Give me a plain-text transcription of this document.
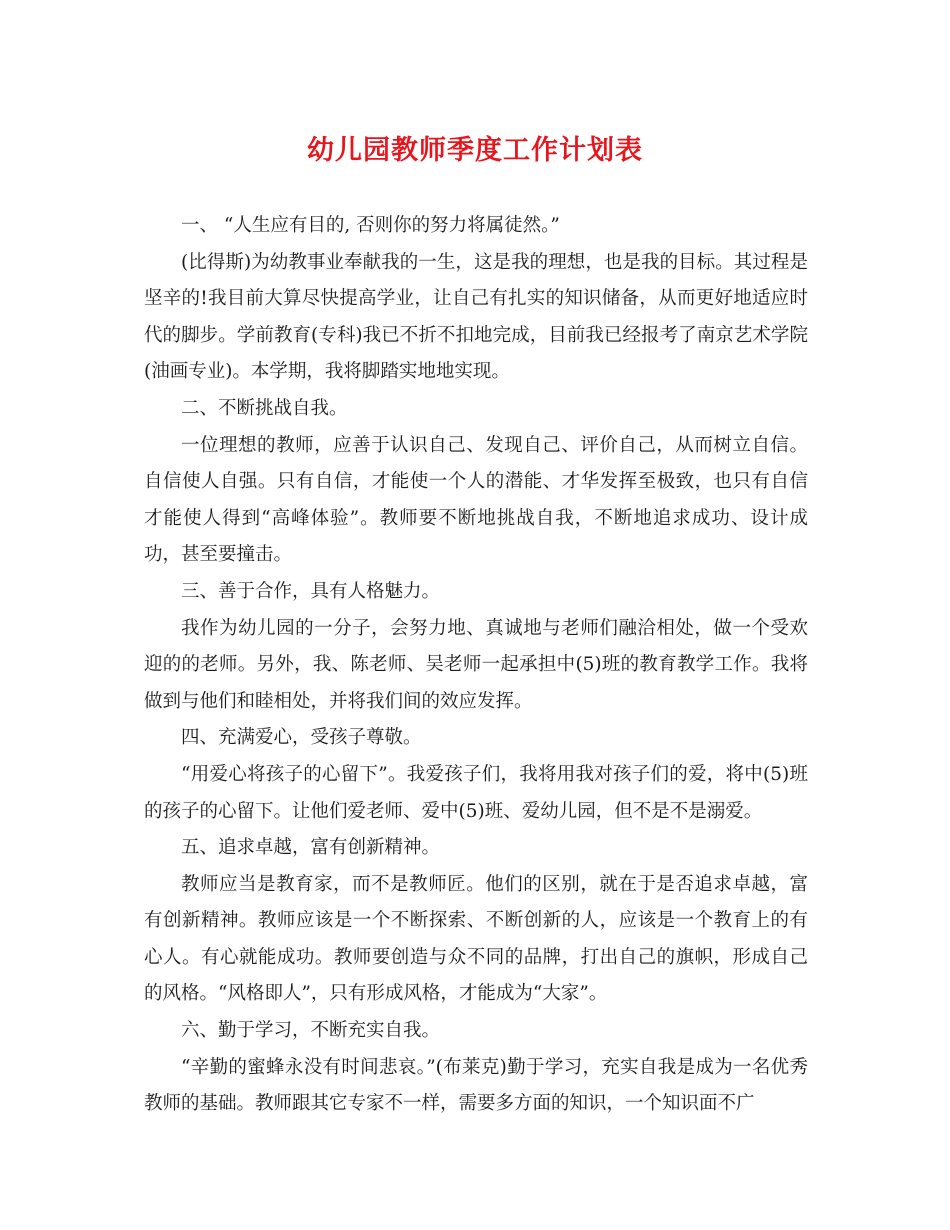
幼儿园教师季度工作计划表

一、 “人生应有目的, 否则你的努力将属徒然。”

(比得斯)为幼教事业奉献我的一生，这是我的理想，也是我的目标。其过程是坚辛的!我目前大算尽快提高学业，让自己有扎实的知识储备，从而更好地适应时代的脚步。学前教育(专科)我已不折不扣地完成，目前我已经报考了南京艺术学院(油画专业)。本学期，我将脚踏实地地实现。

二、不断挑战自我。

一位理想的教师，应善于认识自己、发现自己、评价自己，从而树立自信。自信使人自强。只有自信，才能使一个人的潜能、才华发挥至极致，也只有自信才能使人得到“高峰体验”。教师要不断地挑战自我，不断地追求成功、设计成功，甚至要撞击。

三、善于合作，具有人格魅力。

我作为幼儿园的一分子，会努力地、真诚地与老师们融洽相处，做一个受欢迎的的老师。另外，我、陈老师、吴老师一起承担中(5)班的教育教学工作。我将做到与他们和睦相处，并将我们间的效应发挥。

四、充满爱心，受孩子尊敬。

“用爱心将孩子的心留下”。我爱孩子们，我将用我对孩子们的爱，将中(5)班的孩子的心留下。让他们爱老师、爱中(5)班、爱幼儿园，但不是不是溺爱。

五、追求卓越，富有创新精神。

教师应当是教育家，而不是教师匠。他们的区别，就在于是否追求卓越，富有创新精神。教师应该是一个不断探索、不断创新的人，应该是一个教育上的有心人。有心就能成功。教师要创造与众不同的品牌，打出自己的旗帜，形成自己的风格。“风格即人”，只有形成风格，才能成为“大家”。

六、勤于学习，不断充实自我。

“辛勤的蜜蜂永没有时间悲哀。”(布莱克)勤于学习，充实自我是成为一名优秀教师的基础。教师跟其它专家不一样，需要多方面的知识，一个知识面不广
